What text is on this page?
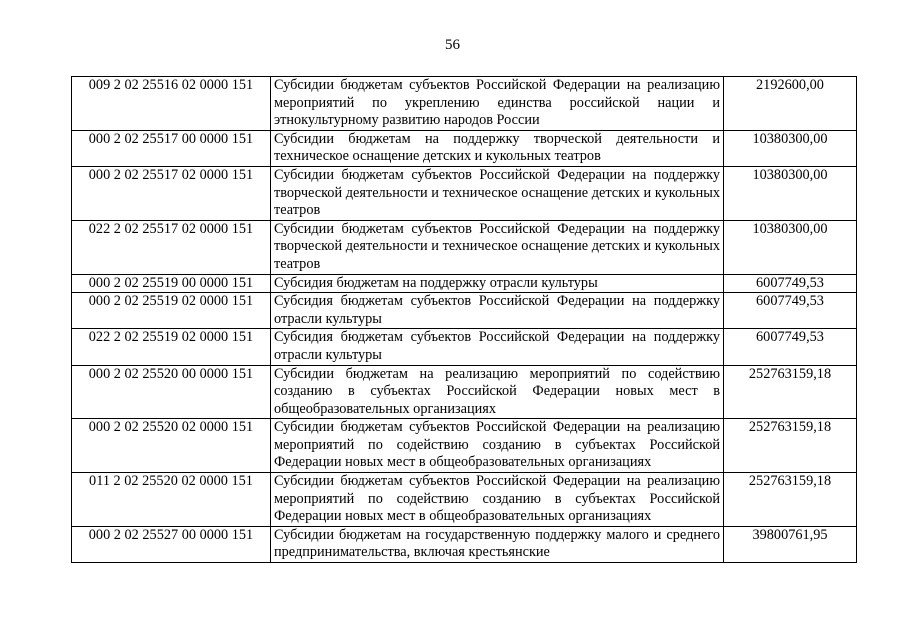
56
009 2 02 25516 02 0000 151	Субсидии бюджетам субъектов Российской Федерации на реализацию мероприятий по укреплению единства российской нации и этнокультурному развитию народов России	2192600,00
000 2 02 25517 00 0000 151	Субсидии бюджетам на поддержку творческой деятельности и техническое оснащение детских и кукольных театров	10380300,00
000 2 02 25517 02 0000 151	Субсидии бюджетам субъектов Российской Федерации на поддержку творческой деятельности и техническое оснащение детских и кукольных театров	10380300,00
022 2 02 25517 02 0000 151	Субсидии бюджетам субъектов Российской Федерации на поддержку творческой деятельности и техническое оснащение детских и кукольных театров	10380300,00
000 2 02 25519 00 0000 151	Субсидия бюджетам на поддержку отрасли культуры	6007749,53
000 2 02 25519 02 0000 151	Субсидия бюджетам субъектов Российской Федерации на поддержку отрасли культуры	6007749,53
022 2 02 25519 02 0000 151	Субсидия бюджетам субъектов Российской Федерации на поддержку отрасли культуры	6007749,53
000 2 02 25520 00 0000 151	Субсидии бюджетам на реализацию мероприятий по содействию созданию в субъектах Российской Федерации новых мест в общеобразовательных организациях	252763159,18
000 2 02 25520 02 0000 151	Субсидии бюджетам субъектов Российской Федерации на реализацию мероприятий по содействию созданию в субъектах Российской Федерации новых мест в общеобразовательных организациях	252763159,18
011 2 02 25520 02 0000 151	Субсидии бюджетам субъектов Российской Федерации на реализацию мероприятий по содействию созданию в субъектах Российской Федерации новых мест в общеобразовательных организациях	252763159,18
000 2 02 25527 00 0000 151	Субсидии бюджетам на государственную поддержку малого и среднего предпринимательства, включая крестьянские	39800761,95
